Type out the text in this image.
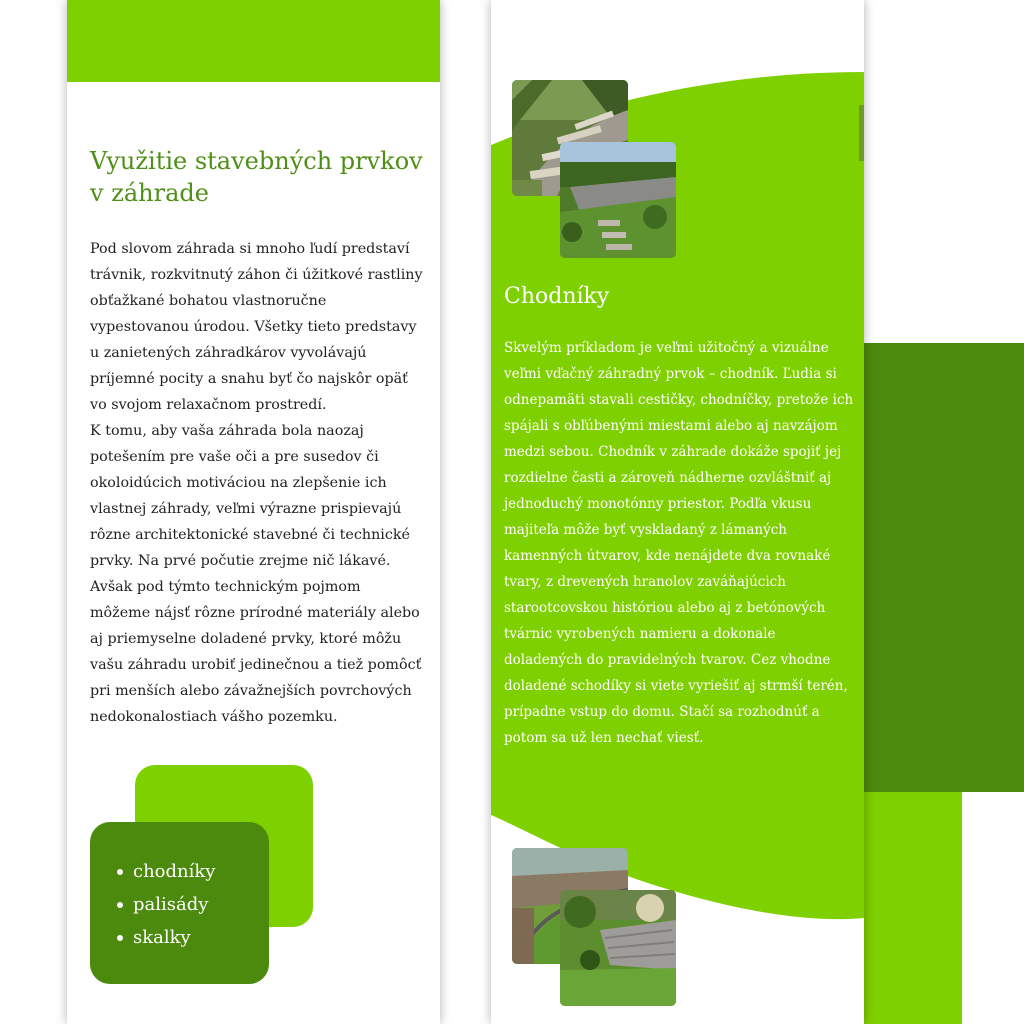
Využitie stavebných prvkov v záhrade

Pod slovom záhrada si mnoho ľudí predstaví trávnik, rozkvitnutý záhon či úžitkové rastliny obťažkané bohatou vlastnoručne vypestovanou úrodou. Všetky tieto predstavy u zanietených záhradkárov vyvolávajú príjemné pocity a snahu byť čo najskôr opäť vo svojom relaxačnom prostredí.
K tomu, aby vaša záhrada bola naozaj potešením pre vaše oči a pre susedov či okoloidúcich motiváciou na zlepšenie ich vlastnej záhrady, veľmi výrazne prispievajú rôzne architektonické stavebné či technické prvky. Na prvé počutie zrejme nič lákavé. Avšak pod týmto technickým pojmom môžeme nájsť rôzne prírodné materiály alebo aj priemyselne doladené prvky, ktoré môžu vašu záhradu urobiť jedinečnou a tiež pomôcť pri menších alebo závažnejších povrchových nedokonalostiach vášho pozemku.

chodníky
palisády
skalky
Chodníky

Skvelým príkladom je veľmi užitočný a vizuálne veľmi vďačný záhradný prvok – chodník. Ľudia si odnepamäti stavali cestičky, chodníčky, pretože ich spájali s obľúbenými miestami alebo aj navzájom medzi sebou. Chodník v záhrade dokáže spojiť jej rozdielne časti a zároveň nádherne ozvláštniť aj jednoduchý monotónny priestor. Podľa vkusu majiteľa môže byť vyskladaný z lámaných kamenných útvarov, kde nenájdete dva rovnaké tvary, z drevených hranolov zaváňajúcich starootcovskou históriou alebo aj z betónových tvárnic vyrobených namieru a dokonale doladených do pravidelných tvarov. Cez vhodne doladené schodíky si viete vyriešiť aj strmší terén, prípadne vstup do domu. Stačí sa rozhodnúť a potom sa už len nechať viesť.
